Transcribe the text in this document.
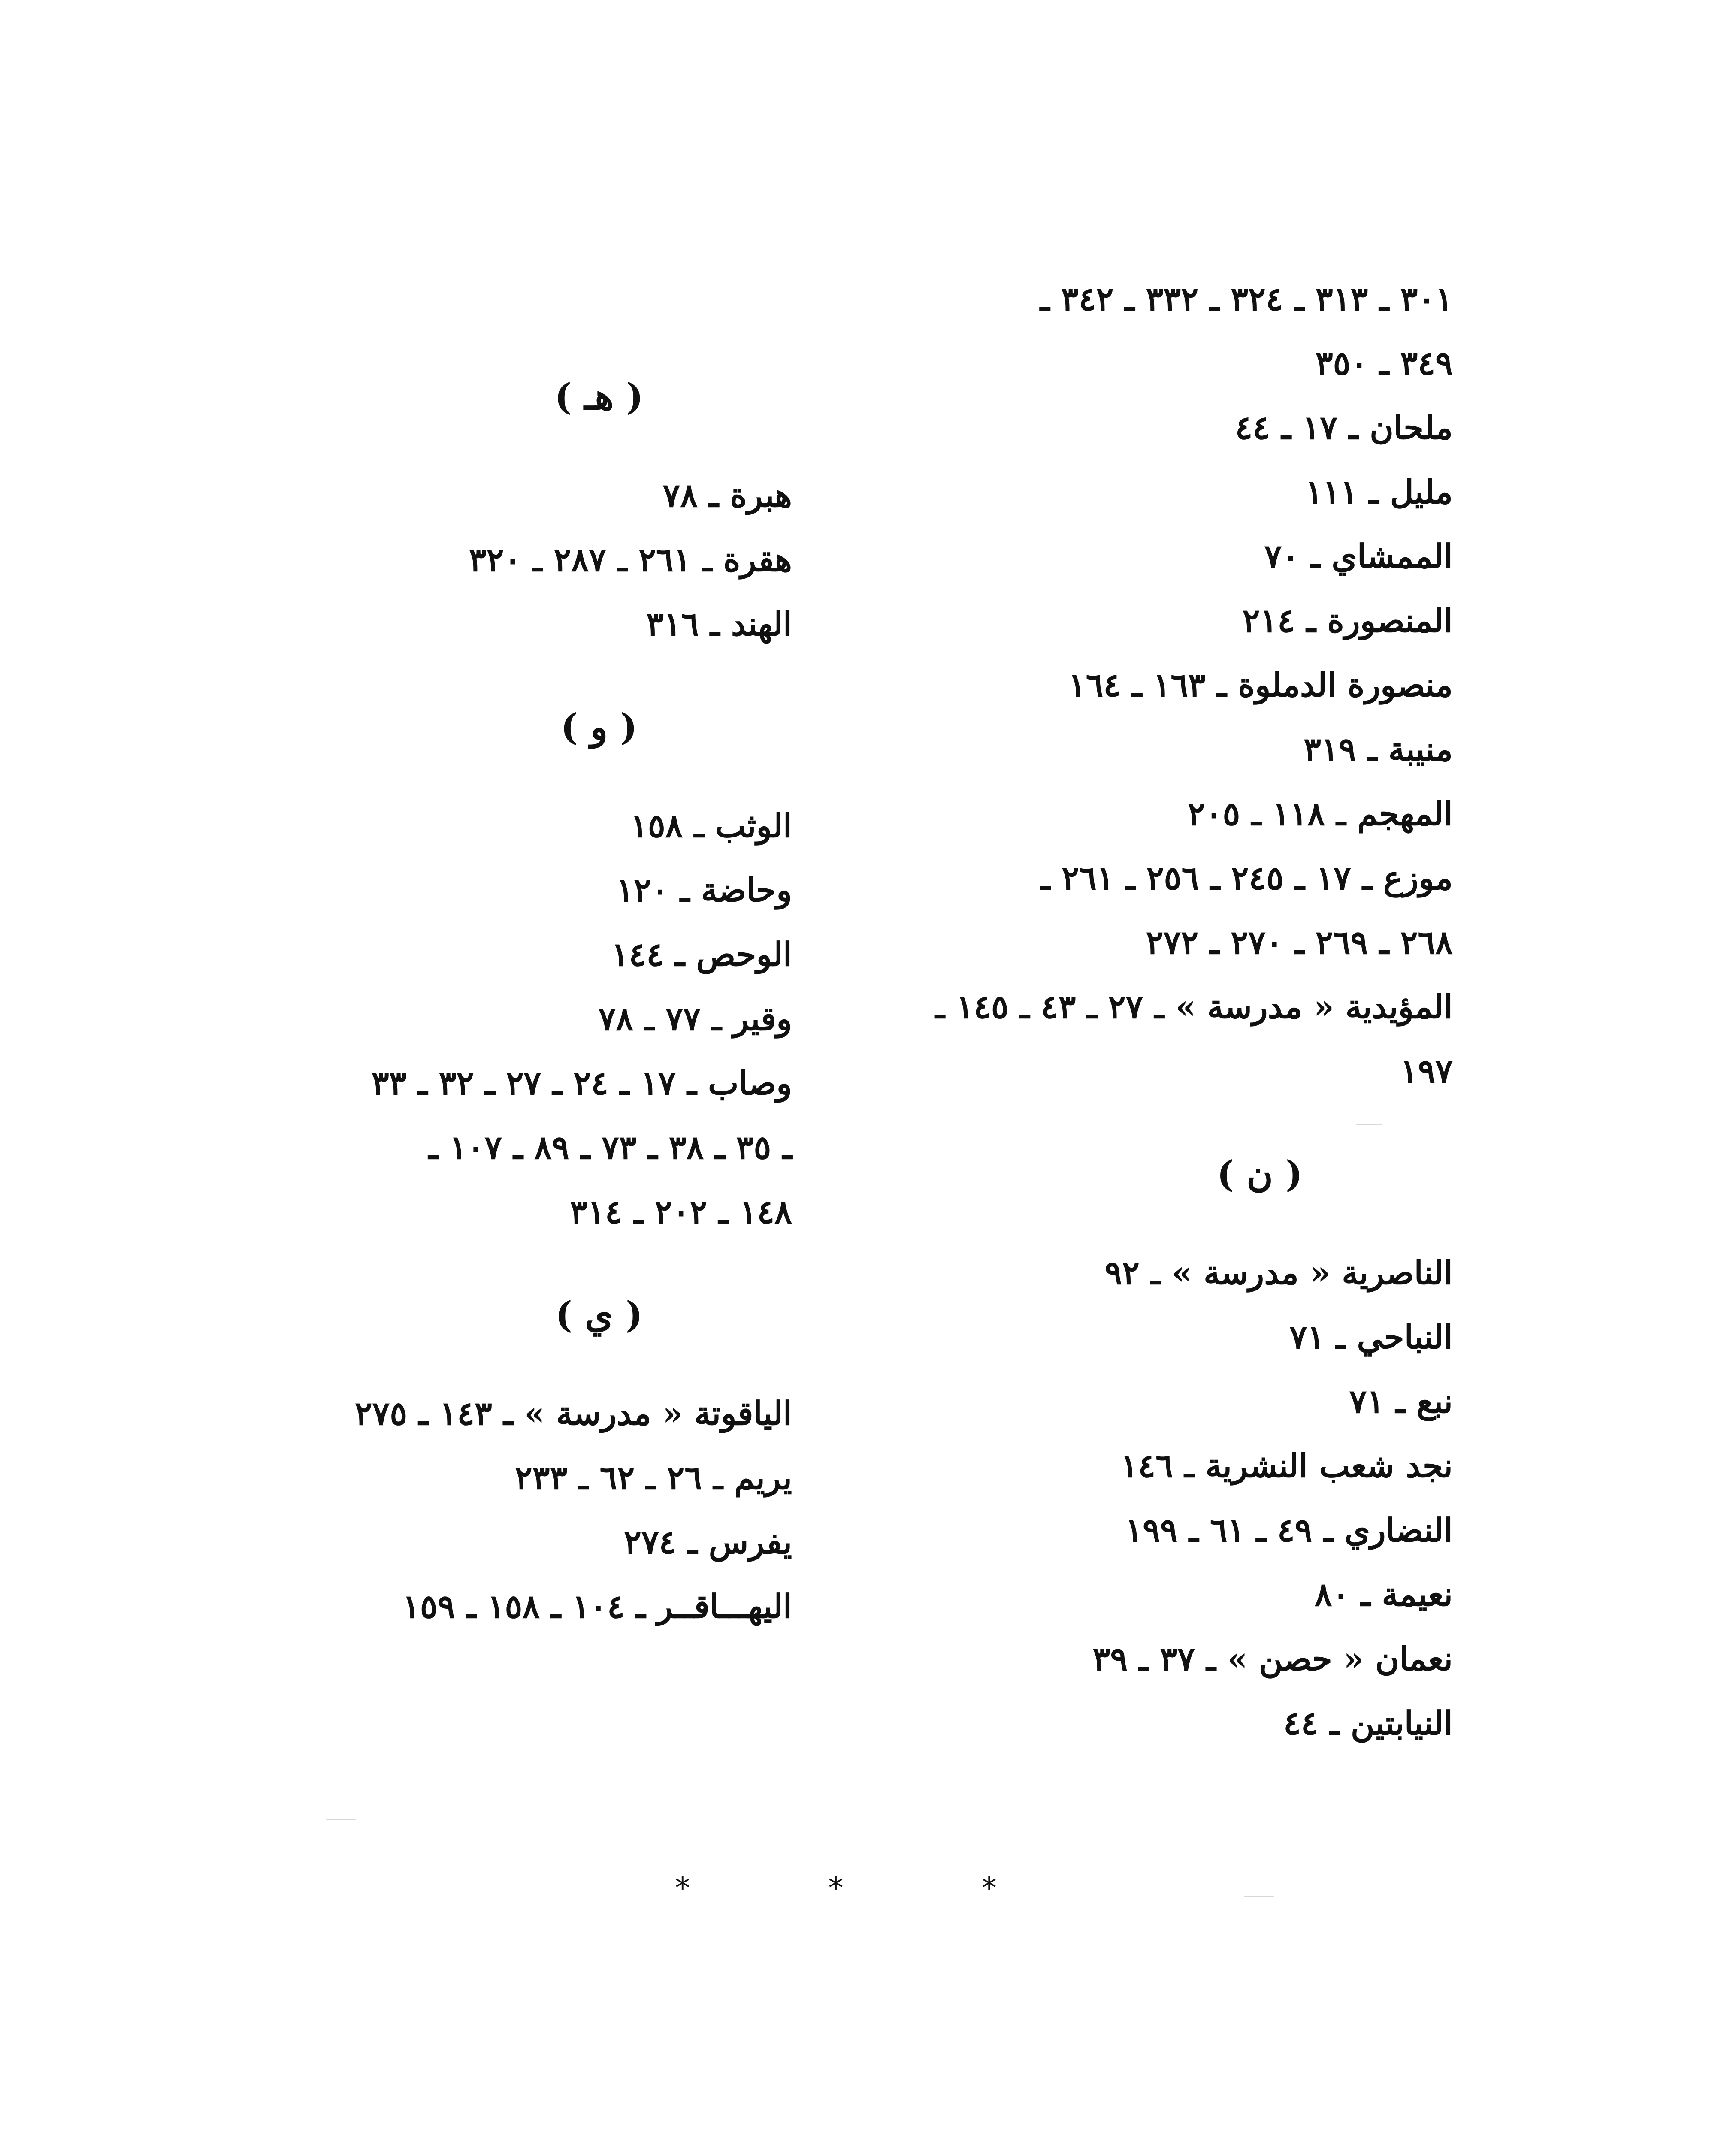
٣٠١ ـ ٣١٣ ـ ٣٢٤ ـ ٣٣٢ ـ ٣٤٢ ـ
٣٤٩ ـ ٣٥٠
ملحان ـ ١٧ ـ ٤٤
مليل ـ ١١١
الممشاي ـ ٧٠
المنصورة ـ ٢١٤
منصورة الدملوة ـ ١٦٣ ـ ١٦٤
منيبة ـ ٣١٩
المهجم ـ ١١٨ ـ ٢٠٥
موزع ـ ١٧ ـ ٢٤٥ ـ ٢٥٦ ـ ٢٦١ ـ
٢٦٨ ـ ٢٦٩ ـ ٢٧٠ ـ ٢٧٢
المؤيدية « مدرسة » ـ ٢٧ ـ ٤٣ ـ ١٤٥ ـ
١٩٧
( ن )
الناصرية « مدرسة » ـ ٩٢
النباحي ـ ٧١
نبع ـ ٧١
نجد شعب النشرية ـ ١٤٦
النضاري ـ ٤٩ ـ ٦١ ـ ١٩٩
نعيمة ـ ٨٠
نعمان « حصن » ـ ٣٧ ـ ٣٩
النيابتين ـ ٤٤
( هـ )
هبرة ـ ٧٨
هقرة ـ ٢٦١ ـ ٢٨٧ ـ ٣٢٠
الهند ـ ٣١٦
( و )
الوثب ـ ١٥٨
وحاضة ـ ١٢٠
الوحص ـ ١٤٤
وقير ـ ٧٧ ـ ٧٨
وصاب ـ ١٧ ـ ٢٤ ـ ٢٧ ـ ٣٢ ـ ٣٣
ـ ٣٥ ـ ٣٨ ـ ٧٣ ـ ٨٩ ـ ١٠٧ ـ
١٤٨ ـ ٢٠٢ ـ ٣١٤
( ي )
الياقوتة « مدرسة » ـ ١٤٣ ـ ٢٧٥
يريم ـ ٢٦ ـ ٦٢ ـ ٢٣٣
يفرس ـ ٢٧٤
اليهـــاقــر ـ ١٠٤ ـ ١٥٨ ـ ١٥٩
* * *
